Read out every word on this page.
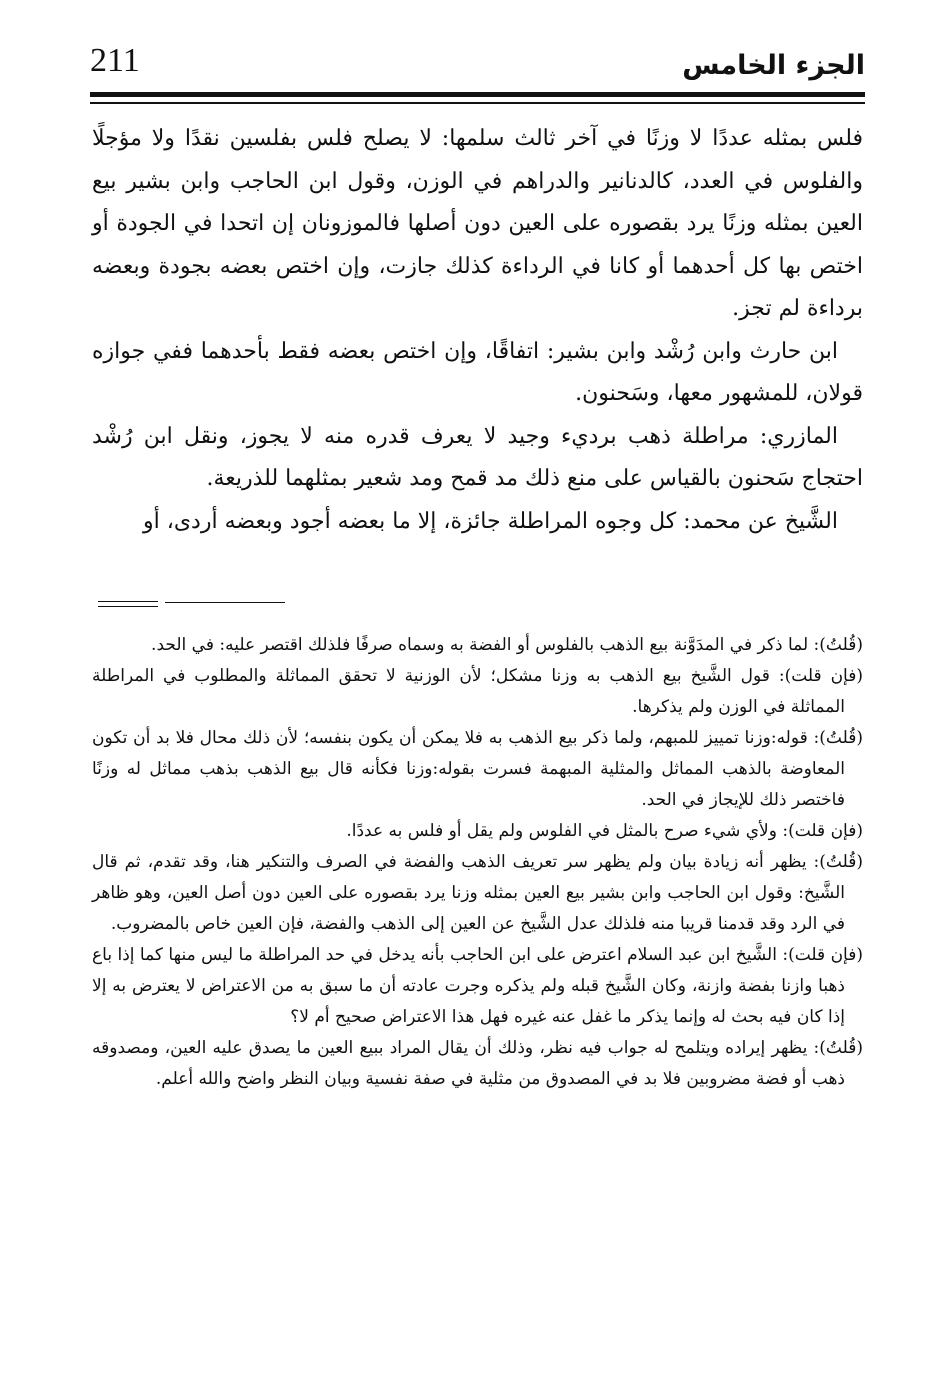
211	الجزء الخامس

فلس بمثله عددًا لا وزنًا في آخر ثالث سلمها: لا يصلح فلس بفلسين نقدًا ولا مؤجلًا والفلوس في العدد، كالدنانير والدراهم في الوزن، وقول ابن الحاجب وابن بشير بيع العين بمثله وزنًا يرد بقصوره على العين دون أصلها فالموزونان إن اتحدا في الجودة أو اختص بها كل أحدهما أو كانا في الرداءة كذلك جازت، وإن اختص بعضه بجودة وبعضه برداءة لم تجز.

ابن حارث وابن رُشْد وابن بشير: اتفاقًا، وإن اختص بعضه فقط بأحدهما ففي جوازه قولان، للمشهور معها، وسَحنون.

المازري: مراطلة ذهب برديء وجيد لا يعرف قدره منه لا يجوز، ونقل ابن رُشْد احتجاج سَحنون بالقياس على منع ذلك مد قمح ومد شعير بمثلهما للذريعة.

الشَّيخ عن محمد: كل وجوه المراطلة جائزة، إلا ما بعضه أجود وبعضه أردى، أو

(قُلتُ): لما ذكر في المدَوَّنة بيع الذهب بالفلوس أو الفضة به وسماه صرفًا فلذلك اقتصر عليه: في الحد.
(فإن قلت): قول الشَّيخ بيع الذهب به وزنا مشكل؛ لأن الوزنية لا تحقق المماثلة والمطلوب في المراطلة المماثلة في الوزن ولم يذكرها.
(قُلتُ): قوله:وزنا تمييز للمبهم، ولما ذكر بيع الذهب به فلا يمكن أن يكون بنفسه؛ لأن ذلك محال فلا بد أن تكون المعاوضة بالذهب المماثل والمثلية المبهمة فسرت بقوله:وزنا فكأنه قال بيع الذهب بذهب مماثل له وزنًا فاختصر ذلك للإيجاز في الحد.
(فإن قلت): ولأي شيء صرح بالمثل في الفلوس ولم يقل أو فلس به عددًا.
(قُلتُ): يظهر أنه زيادة بيان ولم يظهر سر تعريف الذهب والفضة في الصرف والتنكير هنا، وقد تقدم، ثم قال الشَّيخ: وقول ابن الحاجب وابن بشير بيع العين بمثله وزنا يرد بقصوره على العين دون أصل العين، وهو ظاهر في الرد وقد قدمنا قريبا منه فلذلك عدل الشَّيخ عن العين إلى الذهب والفضة، فإن العين خاص بالمضروب.
(فإن قلت): الشَّيخ ابن عبد السلام اعترض على ابن الحاجب بأنه يدخل في حد المراطلة ما ليس منها كما إذا باع ذهبا وازنا بفضة وازنة، وكان الشَّيخ قبله ولم يذكره وجرت عادته أن ما سبق به من الاعتراض لا يعترض به إلا إذا كان فيه بحث له وإنما يذكر ما غفل عنه غيره فهل هذا الاعتراض صحيح أم لا؟
(قُلتُ): يظهر إيراده ويتلمح له جواب فيه نظر، وذلك أن يقال المراد ببيع العين ما يصدق عليه العين، ومصدوقه ذهب أو فضة مضروبين فلا بد في المصدوق من مثلية في صفة نفسية وبيان النظر واضح والله أعلم.
